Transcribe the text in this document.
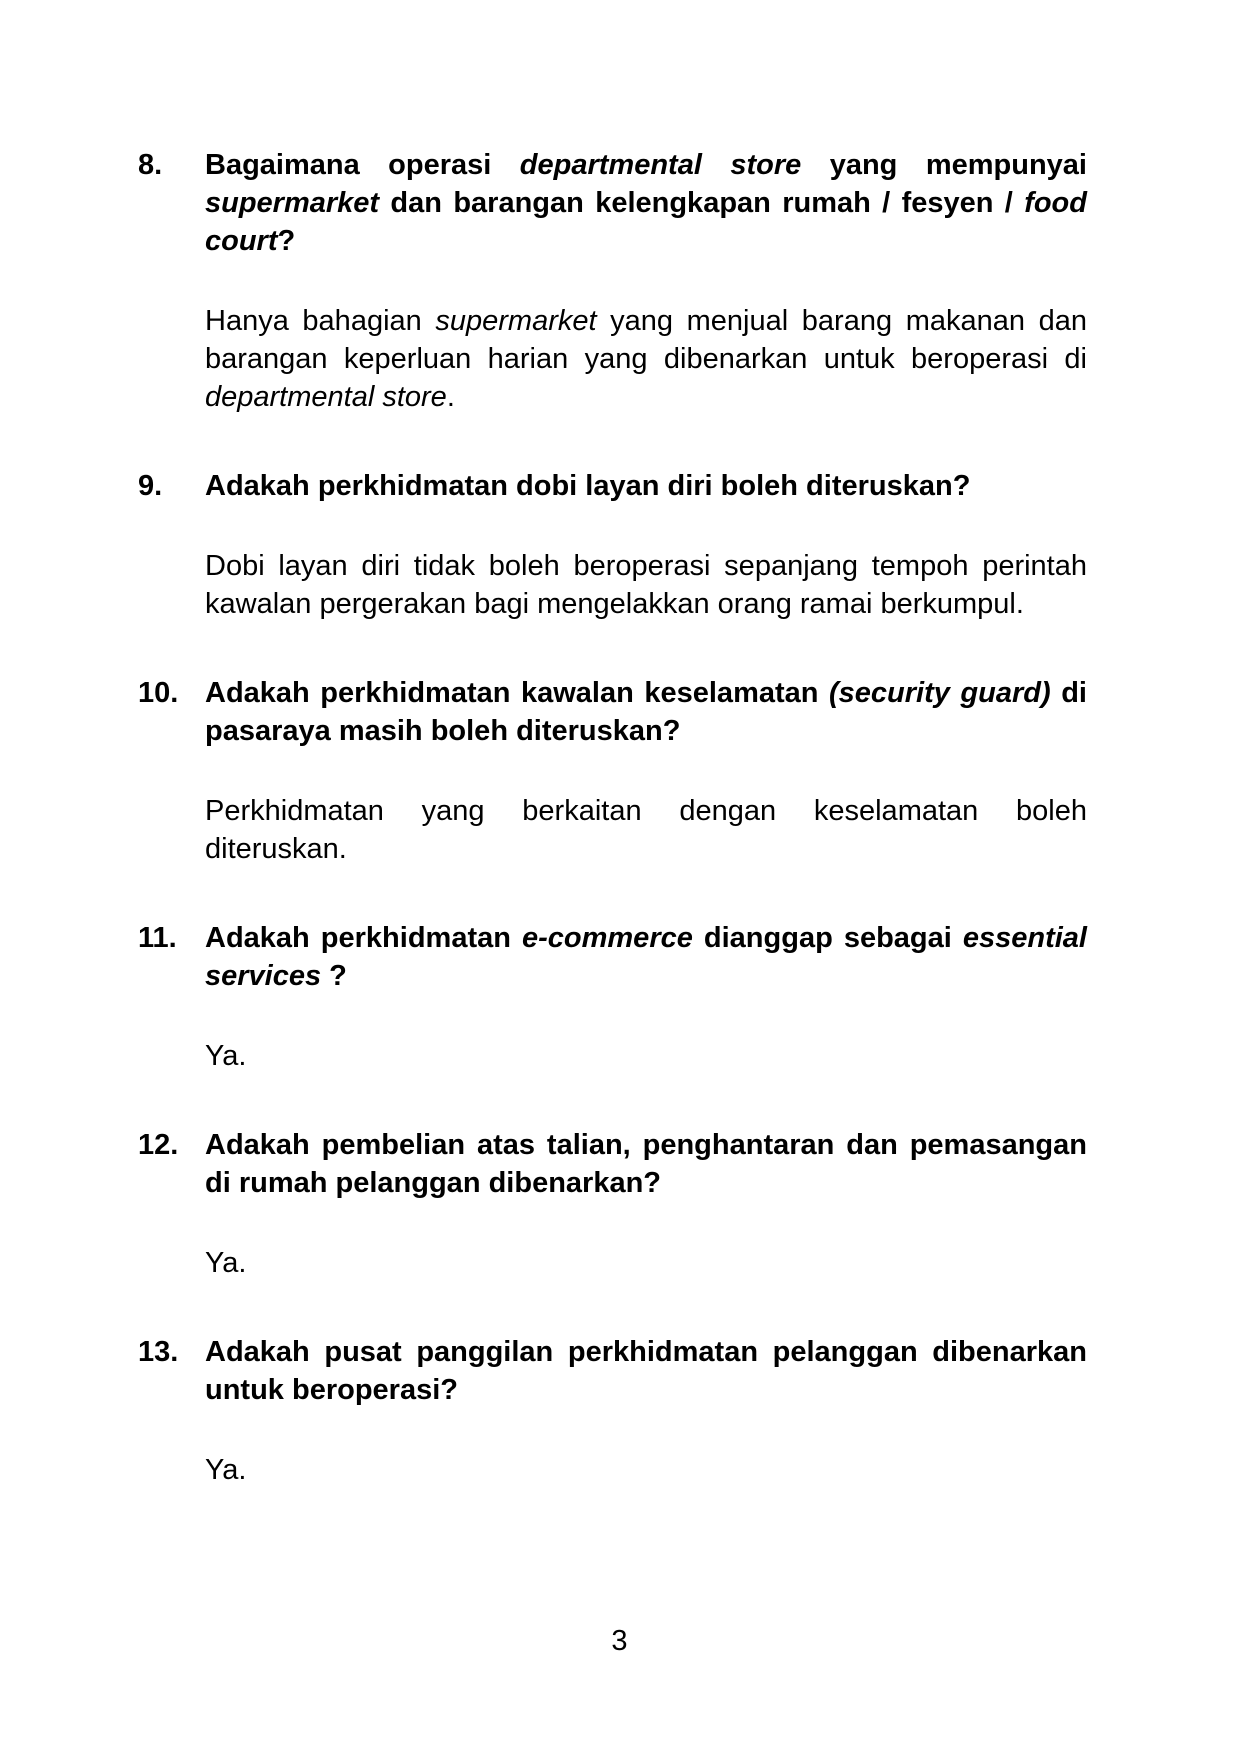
8.	Bagaimana operasi departmental store yang mempunyai supermarket dan barangan kelengkapan rumah / fesyen / food court?

Hanya bahagian supermarket yang menjual barang makanan dan barangan keperluan harian yang dibenarkan untuk beroperasi di departmental store.

9.	Adakah perkhidmatan dobi layan diri boleh diteruskan?

Dobi layan diri tidak boleh beroperasi sepanjang tempoh perintah kawalan pergerakan bagi mengelakkan orang ramai berkumpul.

10. Adakah perkhidmatan kawalan keselamatan (security guard) di pasaraya masih boleh diteruskan?

Perkhidmatan yang berkaitan dengan keselamatan boleh diteruskan.

11. Adakah perkhidmatan e-commerce dianggap sebagai essential services ?

Ya.

12. Adakah pembelian atas talian, penghantaran dan pemasangan di rumah pelanggan dibenarkan?

Ya.

13. Adakah pusat panggilan perkhidmatan pelanggan dibenarkan untuk beroperasi?

Ya.

3
